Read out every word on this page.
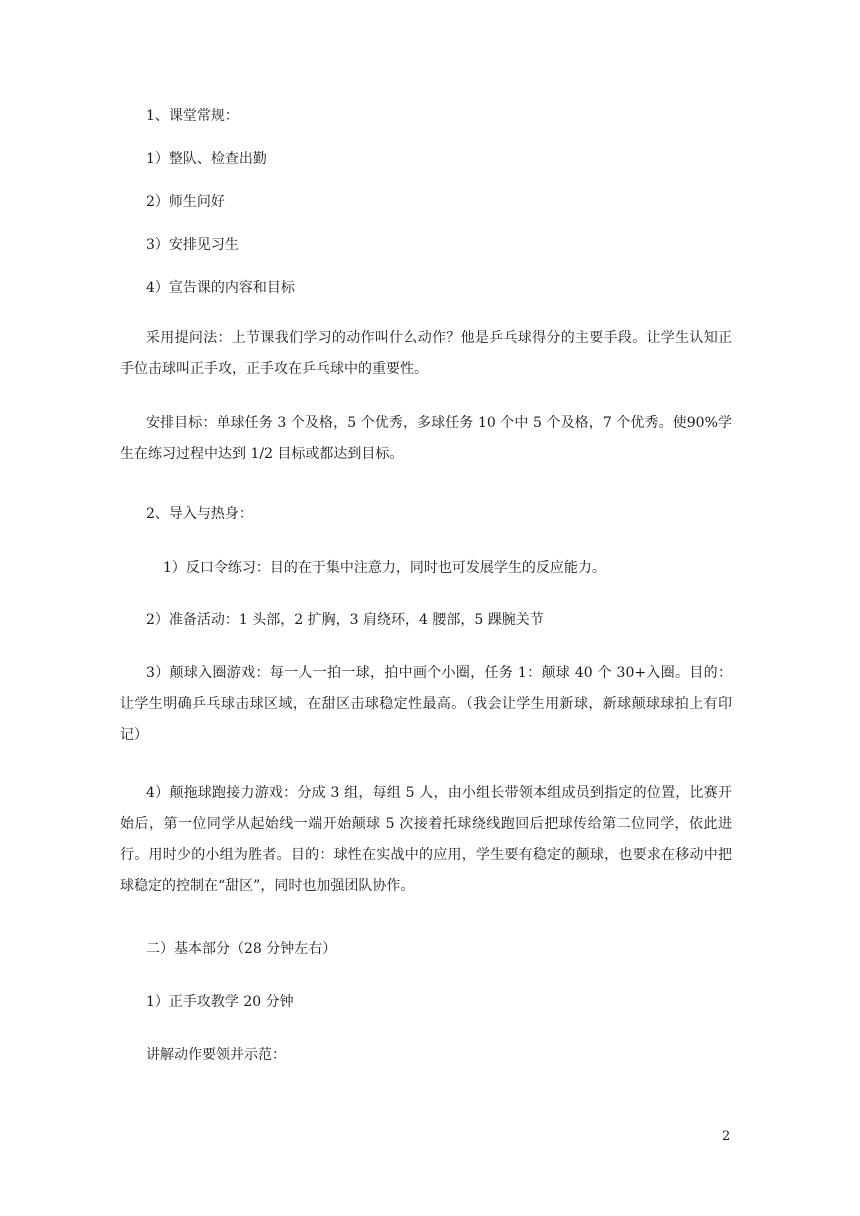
1、课堂常规：
1）整队、检查出勤
2）师生问好
3）安排见习生
4）宣告课的内容和目标
采用提问法：上节课我们学习的动作叫什么动作？他是乒乓球得分的主要手段。让学生认知正手位击球叫正手攻，正手攻在乒乓球中的重要性。
安排目标：单球任务 3 个及格，5 个优秀，多球任务 10 个中 5 个及格，7 个优秀。使90%学生在练习过程中达到 1/2 目标或都达到目标。
2、导入与热身：
1）反口令练习：目的在于集中注意力，同时也可发展学生的反应能力。
2）准备活动：1 头部，2 扩胸，3 肩绕环，4 腰部，5 踝腕关节
3）颠球入圈游戏：每一人一拍一球，拍中画个小圈，任务 1：颠球 40 个 30+入圈。目的：让学生明确乒乓球击球区域，在甜区击球稳定性最高。（我会让学生用新球，新球颠球球拍上有印记）
4）颠拖球跑接力游戏：分成 3 组，每组 5 人，由小组长带领本组成员到指定的位置，比赛开始后，第一位同学从起始线一端开始颠球 5 次接着托球绕线跑回后把球传给第二位同学，依此进行。用时少的小组为胜者。目的：球性在实战中的应用，学生要有稳定的颠球，也要求在移动中把球稳定的控制在“甜区”，同时也加强团队协作。
二）基本部分（28 分钟左右）
1）正手攻教学 20 分钟
讲解动作要领并示范：
2
